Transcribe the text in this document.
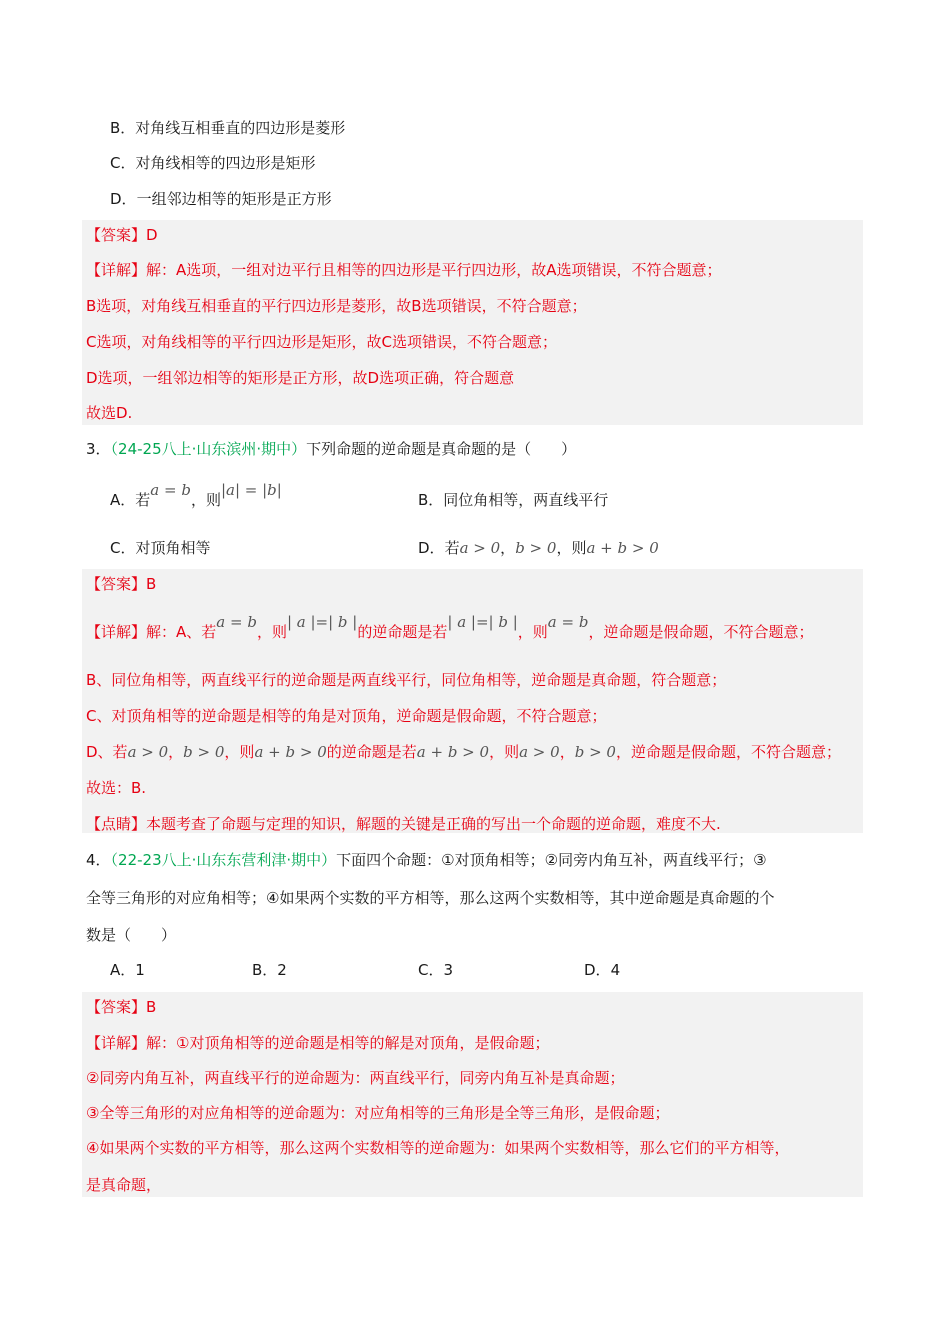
B．对角线互相垂直的四边形是菱形
C．对角线相等的四边形是矩形
D．一组邻边相等的矩形是正方形
【答案】D
【详解】解：A选项，一组对边平行且相等的四边形是平行四边形，故A选项错误，不符合题意；
B选项，对角线互相垂直的平行四边形是菱形，故B选项错误，不符合题意；
C选项，对角线相等的平行四边形是矩形，故C选项错误，不符合题意；
D选项，一组邻边相等的矩形是正方形，故D选项正确，符合题意
故选D.
3．（24-25八上·山东滨州·期中）下列命题的逆命题是真命题的是（　　）
A．若a = b，则|a| = |b|
B．同位角相等，两直线平行
C．对顶角相等	D．若a > 0，b > 0，则a + b > 0
【答案】B
【详解】解：A、若a = b，则| a |=| b |的逆命题是若| a |=| b |，则a = b，逆命题是假命题，不符合题意；
B、同位角相等，两直线平行的逆命题是两直线平行，同位角相等，逆命题是真命题，符合题意；
C、对顶角相等的逆命题是相等的角是对顶角，逆命题是假命题，不符合题意；
D、若a > 0，b > 0，则a + b > 0的逆命题是若a + b > 0，则a > 0，b > 0，逆命题是假命题，不符合题意；
故选：B.
【点睛】本题考查了命题与定理的知识，解题的关键是正确的写出一个命题的逆命题，难度不大.
4．（22-23八上·山东东营利津·期中）下面四个命题：①对顶角相等；②同旁内角互补，两直线平行；③
全等三角形的对应角相等；④如果两个实数的平方相等，那么这两个实数相等，其中逆命题是真命题的个
数是（　　）
A．1	B．2	C．3	D．4
【答案】B
【详解】解：①对顶角相等的逆命题是相等的解是对顶角，是假命题；
②同旁内角互补，两直线平行的逆命题为：两直线平行，同旁内角互补是真命题；
③全等三角形的对应角相等的逆命题为：对应角相等的三角形是全等三角形，是假命题；
④如果两个实数的平方相等，那么这两个实数相等的逆命题为：如果两个实数相等，那么它们的平方相等，
是真命题，
